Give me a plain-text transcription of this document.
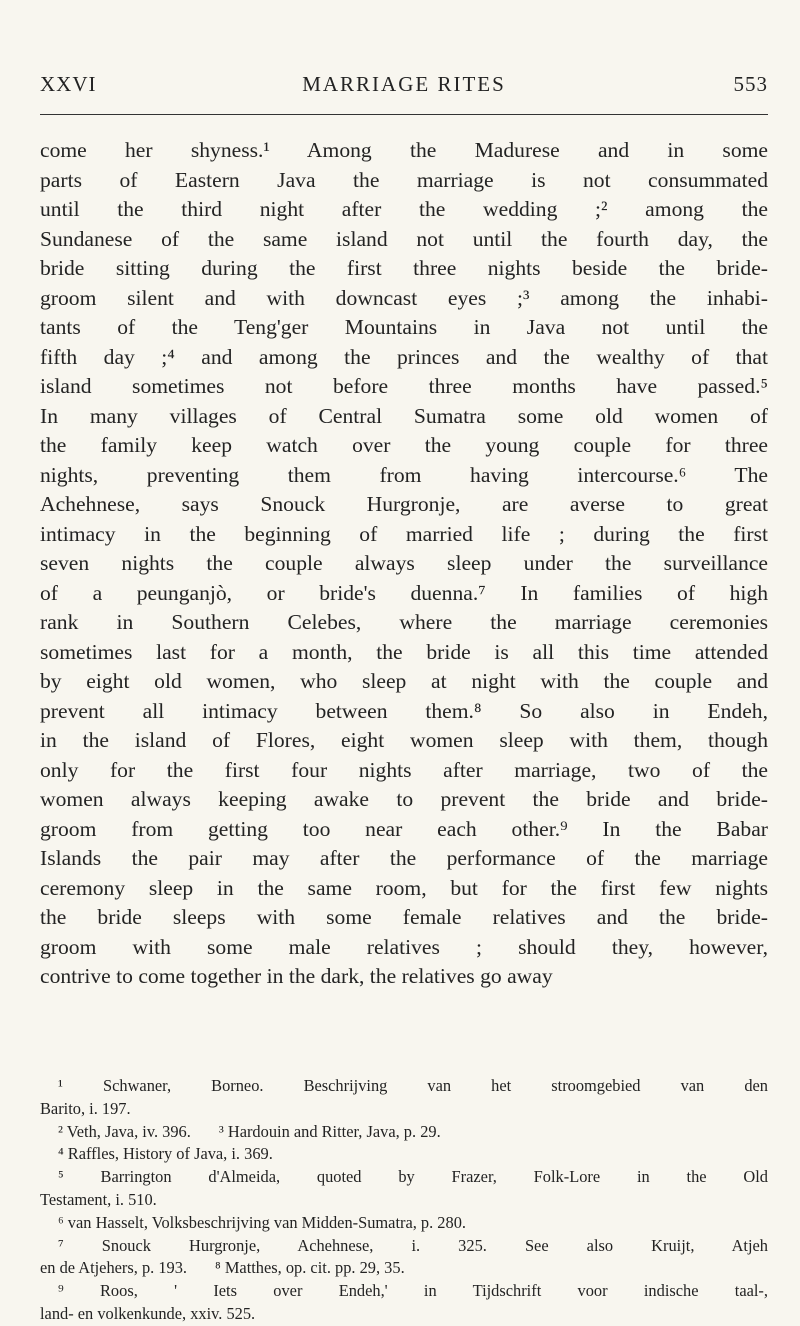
XXVI	MARRIAGE RITES	553
come her shyness.¹ Among the Madurese and in some
parts of Eastern Java the marriage is not consummated
until the third night after the wedding ;² among the
Sundanese of the same island not until the fourth day, the
bride sitting during the first three nights beside the bride-
groom silent and with downcast eyes ;³ among the inhabi-
tants of the Teng'ger Mountains in Java not until the
fifth day ;⁴ and among the princes and the wealthy of that
island sometimes not before three months have passed.⁵
In many villages of Central Sumatra some old women of
the family keep watch over the young couple for three
nights, preventing them from having intercourse.⁶ The
Achehnese, says Snouck Hurgronje, are averse to great
intimacy in the beginning of married life ; during the first
seven nights the couple always sleep under the surveillance
of a peunganjò, or bride's duenna.⁷ In families of high
rank in Southern Celebes, where the marriage ceremonies
sometimes last for a month, the bride is all this time attended
by eight old women, who sleep at night with the couple and
prevent all intimacy between them.⁸ So also in Endeh,
in the island of Flores, eight women sleep with them, though
only for the first four nights after marriage, two of the
women always keeping awake to prevent the bride and bride-
groom from getting too near each other.⁹ In the Babar
Islands the pair may after the performance of the marriage
ceremony sleep in the same room, but for the first few nights
the bride sleeps with some female relatives and the bride-
groom with some male relatives ; should they, however,
contrive to come together in the dark, the relatives go away
¹ Schwaner, Borneo. Beschrijving van het stroomgebied van den
Barito, i. 197.
² Veth, Java, iv. 396. ³ Hardouin and Ritter, Java, p. 29.
⁴ Raffles, History of Java, i. 369.
⁵ Barrington d'Almeida, quoted by Frazer, Folk-Lore in the Old
Testament, i. 510.
⁶ van Hasselt, Volksbeschrijving van Midden-Sumatra, p. 280.
⁷ Snouck Hurgronje, Achehnese, i. 325. See also Kruijt, Atjeh
en de Atjehers, p. 193. ⁸ Matthes, op. cit. pp. 29, 35.
⁹ Roos, ' Iets over Endeh,' in Tijdschrift voor indische taal-,
land- en volkenkunde, xxiv. 525.
